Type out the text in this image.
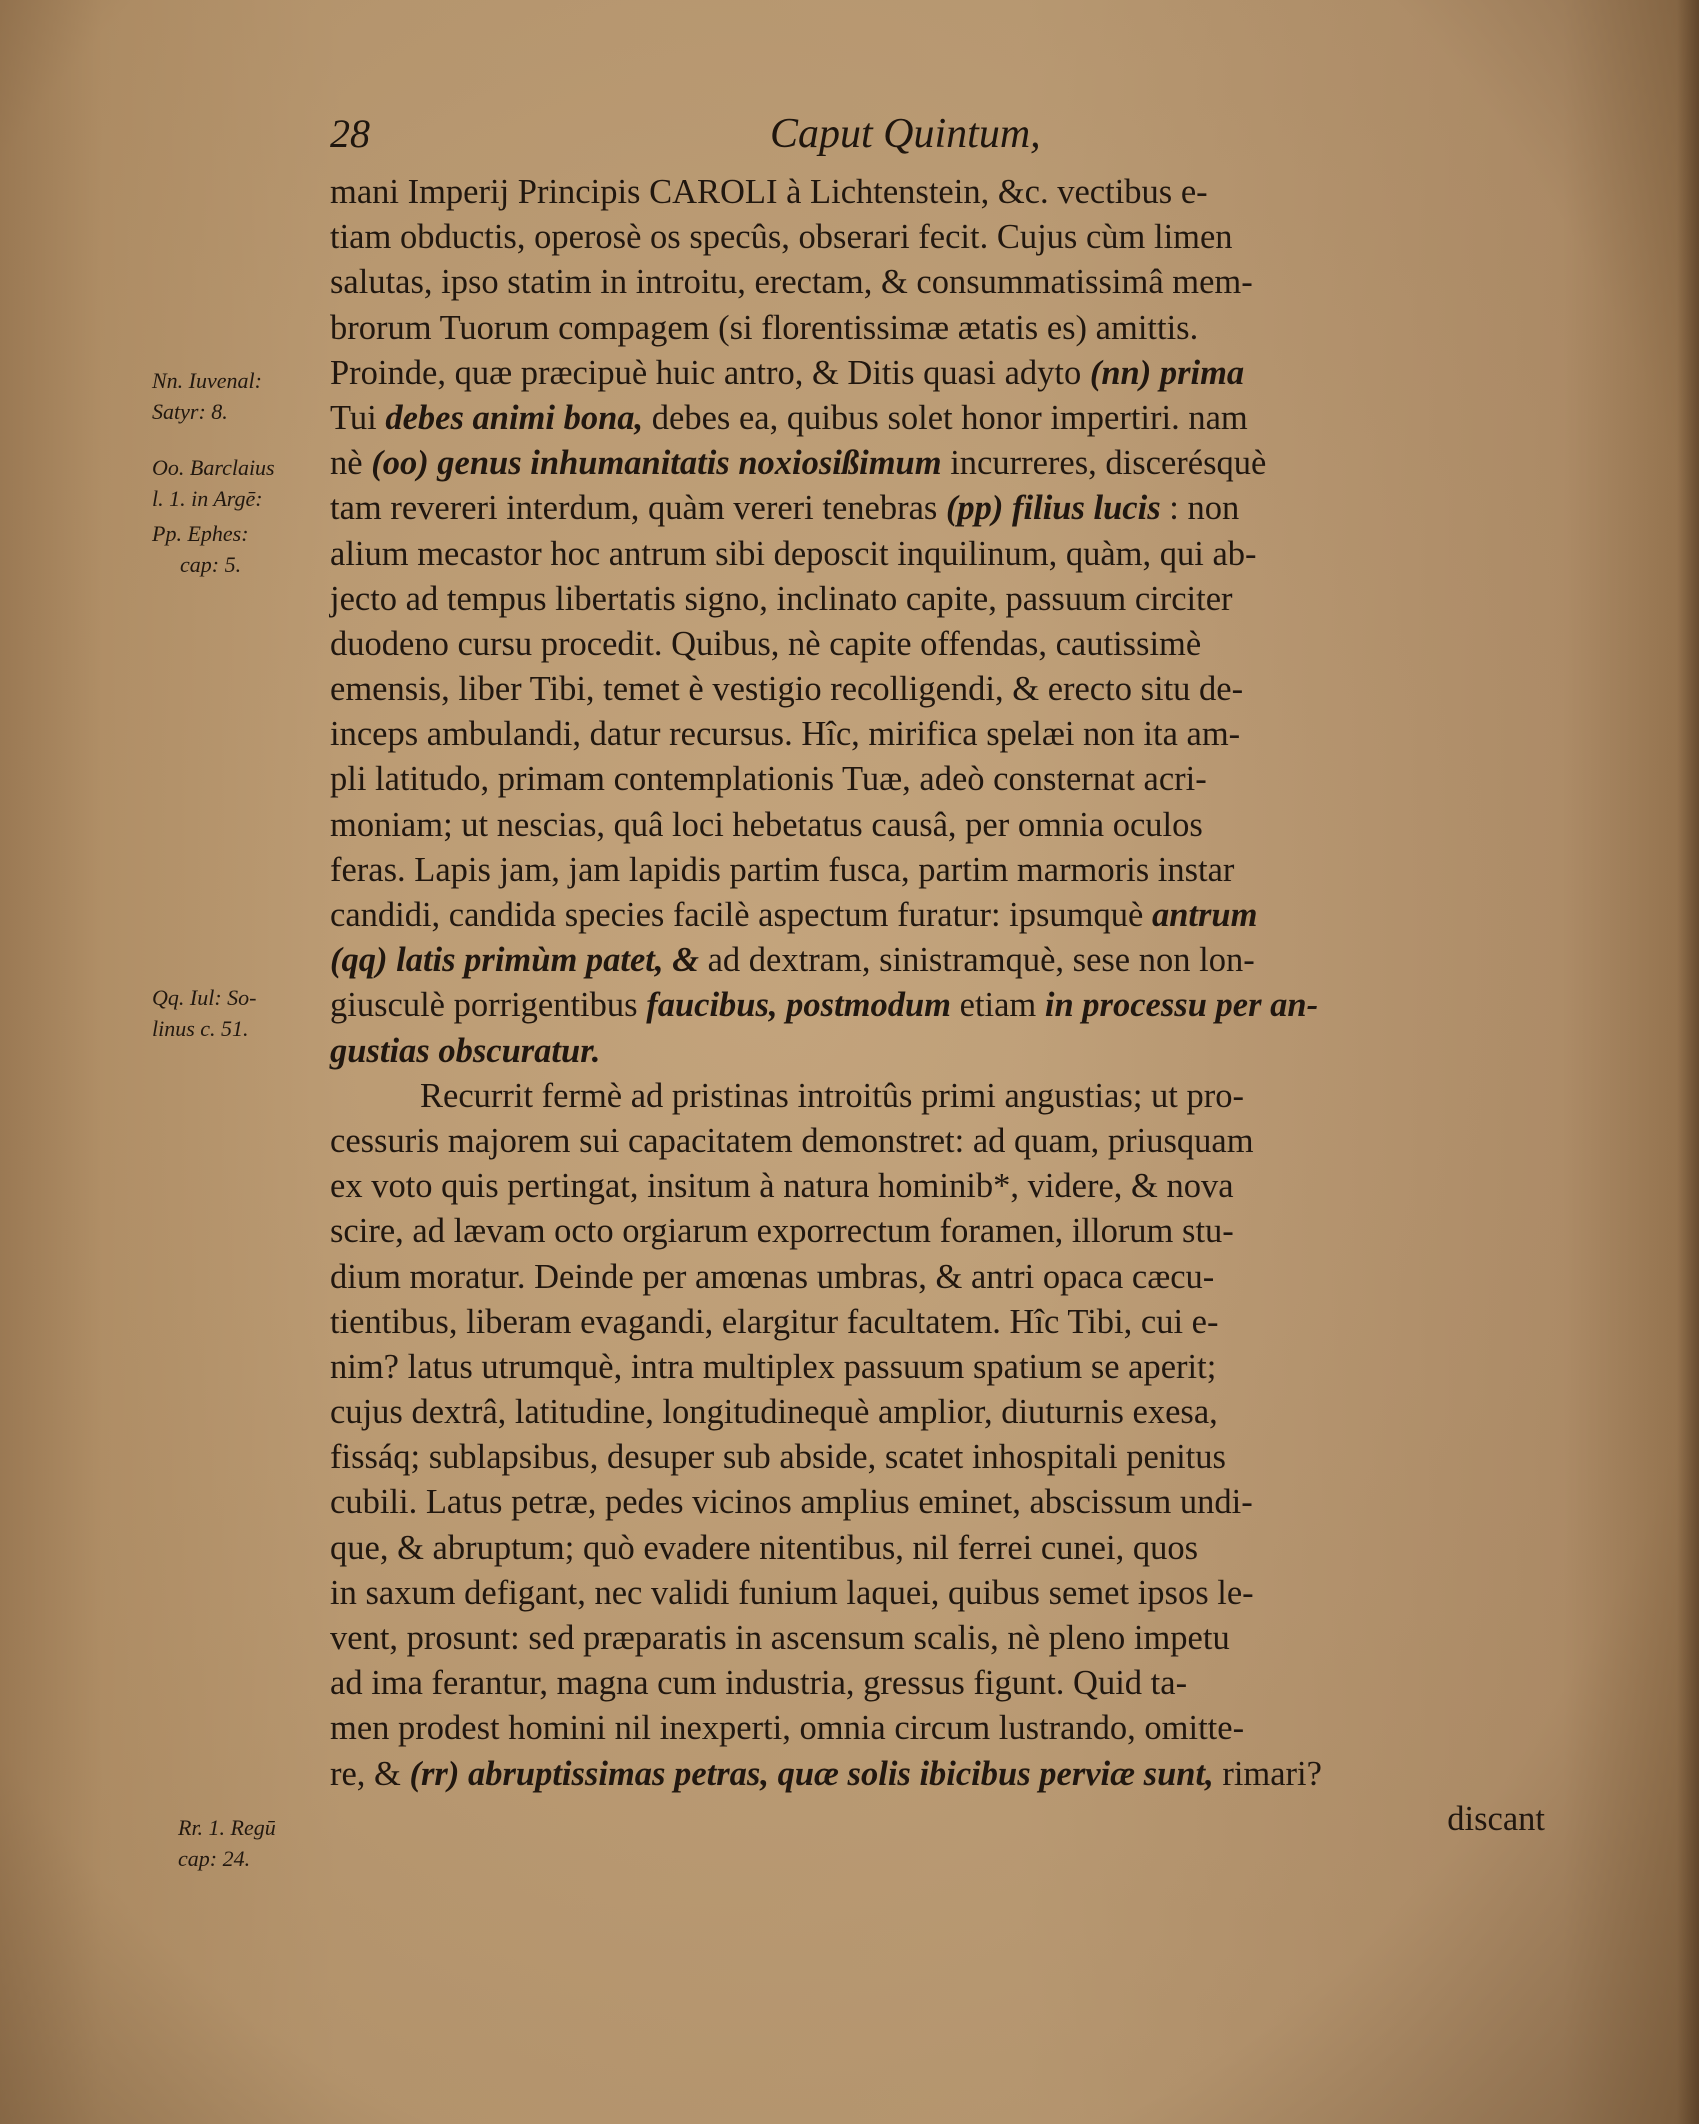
28	Caput Quintum,
mani Imperij Principis CAROLI à Lichtenstein, &c. vectibus e-
tiam obductis, operosè os specûs, obserari fecit. Cujus cùm limen
salutas, ipso statim in introitu, erectam, & consummatissimâ mem-
brorum Tuorum compagem (si florentissimæ ætatis es) amittis.
Proinde, quæ præcipuè huic antro, & Ditis quasi adyto (nn) prima
Tui debes animi bona, debes ea, quibus solet honor impertiri. nam
nè (oo) genus inhumanitatis noxiosißimum incurreres, discerésquè
tam revereri interdum, quàm vereri tenebras (pp) filius lucis : non
alium mecastor hoc antrum sibi deposcit inquilinum, quàm, qui ab-
jecto ad tempus libertatis signo, inclinato capite, passuum circiter
duodeno cursu procedit. Quibus, nè capite offendas, cautissimè
emensis, liber Tibi, temet è vestigio recolligendi, & erecto situ de-
inceps ambulandi, datur recursus. Hîc, mirifica spelæi non ita am-
pli latitudo, primam contemplationis Tuæ, adeò consternat acri-
moniam; ut nescias, quâ loci hebetatus causâ, per omnia oculos
feras. Lapis jam, jam lapidis partim fusca, partim marmoris instar
candidi, candida species facilè aspectum furatur: ipsumquè antrum
(qq) latis primùm patet, & ad dextram, sinistramquè, sese non lon-
giusculè porrigentibus faucibus, postmodum etiam in processu per an-
gustias obscuratur.
Recurrit fermè ad pristinas introitûs primi angustias; ut pro-
cessuris majorem sui capacitatem demonstret: ad quam, priusquam
ex voto quis pertingat, insitum à natura hominib*, videre, & nova
scire, ad lævam octo orgiarum exporrectum foramen, illorum stu-
dium moratur. Deinde per amœnas umbras, & antri opaca cæcu-
tientibus, liberam evagandi, elargitur facultatem. Hîc Tibi, cui e-
nim? latus utrumquè, intra multiplex passuum spatium se aperit;
cujus dextrâ, latitudine, longitudinequè amplior, diuturnis exesa,
fissáq; sublapsibus, desuper sub abside, scatet inhospitali penitus
cubili. Latus petræ, pedes vicinos amplius eminet, abscissum undi-
que, & abruptum; quò evadere nitentibus, nil ferrei cunei, quos
in saxum defigant, nec validi funium laquei, quibus semet ipsos le-
vent, prosunt: sed præparatis in ascensum scalis, nè pleno impetu
ad ima ferantur, magna cum industria, gressus figunt. Quid ta-
men prodest homini nil inexperti, omnia circum lustrando, omitte-
re, & (rr) abruptissimas petras, quæ solis ibicibus perviæ sunt, rimari?
discant
Nn. Iuvenal:
Satyr: 8.
Oo. Barclaius
l. 1. in Argē:
Pp. Ephes:
cap: 5.
Qq. Iul: So-
linus c. 51.
Rr. 1. Regū
cap: 24.
